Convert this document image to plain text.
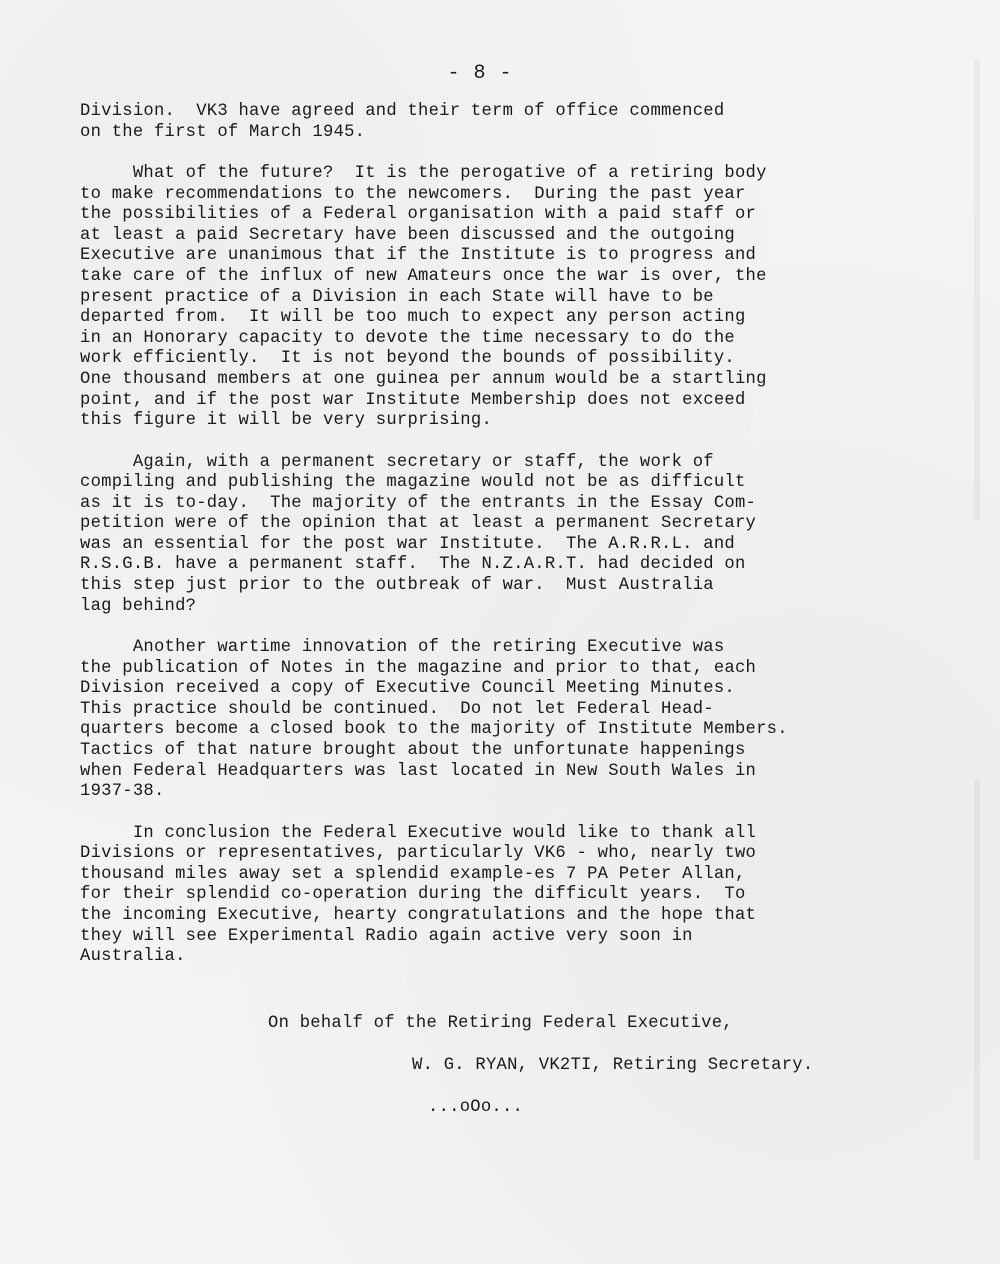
- 8 -
Division.  VK3 have agreed and their term of office commenced
on the first of March 1945.
What of the future?  It is the perogative of a retiring body
to make recommendations to the newcomers.  During the past year
the possibilities of a Federal organisation with a paid staff or
at least a paid Secretary have been discussed and the outgoing
Executive are unanimous that if the Institute is to progress and
take care of the influx of new Amateurs once the war is over, the
present practice of a Division in each State will have to be
departed from.  It will be too much to expect any person acting
in an Honorary capacity to devote the time necessary to do the
work efficiently.  It is not beyond the bounds of possibility.
One thousand members at one guinea per annum would be a startling
point, and if the post war Institute Membership does not exceed
this figure it will be very surprising.
Again, with a permanent secretary or staff, the work of
compiling and publishing the magazine would not be as difficult
as it is to-day.  The majority of the entrants in the Essay Com-
petition were of the opinion that at least a permanent Secretary
was an essential for the post war Institute.  The A.R.R.L. and
R.S.G.B. have a permanent staff.  The N.Z.A.R.T. had decided on
this step just prior to the outbreak of war.  Must Australia
lag behind?
Another wartime innovation of the retiring Executive was
the publication of Notes in the magazine and prior to that, each
Division received a copy of Executive Council Meeting Minutes.
This practice should be continued.  Do not let Federal Head-
quarters become a closed book to the majority of Institute Members.
Tactics of that nature brought about the unfortunate happenings
when Federal Headquarters was last located in New South Wales in
1937-38.
In conclusion the Federal Executive would like to thank all
Divisions or representatives, particularly VK6 - who, nearly two
thousand miles away set a splendid example-es 7 PA Peter Allan,
for their splendid co-operation during the difficult years.  To
the incoming Executive, hearty congratulations and the hope that
they will see Experimental Radio again active very soon in
Australia.
On behalf of the Retiring Federal Executive,
W. G. RYAN, VK2TI, Retiring Secretary.
...oOo...
